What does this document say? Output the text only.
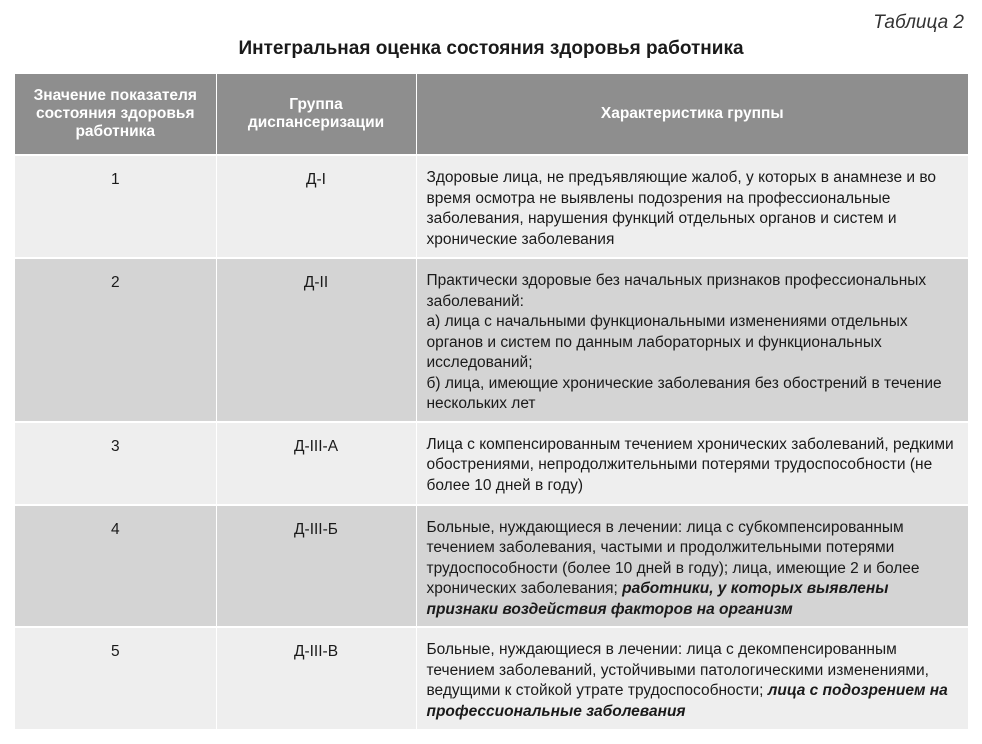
Таблица 2
Интегральная оценка состояния здоровья работника
Значение показателя состояния здоровья работника	Группа диспансеризации	Характеристика группы
1	Д-I	Здоровые лица, не предъявляющие жалоб, у которых в анамнезе и во время осмотра не выявлены подозрения на профессиональные заболевания, нарушения функций отдельных органов и систем и хронические заболевания
2	Д-II	Практически здоровые без начальных признаков профессиональных заболеваний:
а) лица с начальными функциональными изменениями отдельных органов и систем по данным лабораторных и функциональных исследований;
б) лица, имеющие хронические заболевания без обострений в течение нескольких лет
3	Д-III-А	Лица с компенсированным течением хронических заболеваний, редкими обострениями, непродолжительными потерями трудоспособности (не более 10 дней в году)
4	Д-III-Б	Больные, нуждающиеся в лечении: лица с субкомпенсированным течением заболевания, частыми и продолжительными потерями трудоспособности (более 10 дней в году); лица, имеющие 2 и более хронических заболевания; работники, у которых выявлены признаки воздействия факторов на организм
5	Д-III-В	Больные, нуждающиеся в лечении: лица с декомпенсированным течением заболеваний, устойчивыми патологическими изменениями, ведущими к стойкой утрате трудоспособности; лица с подозрением на профессиональные заболевания
